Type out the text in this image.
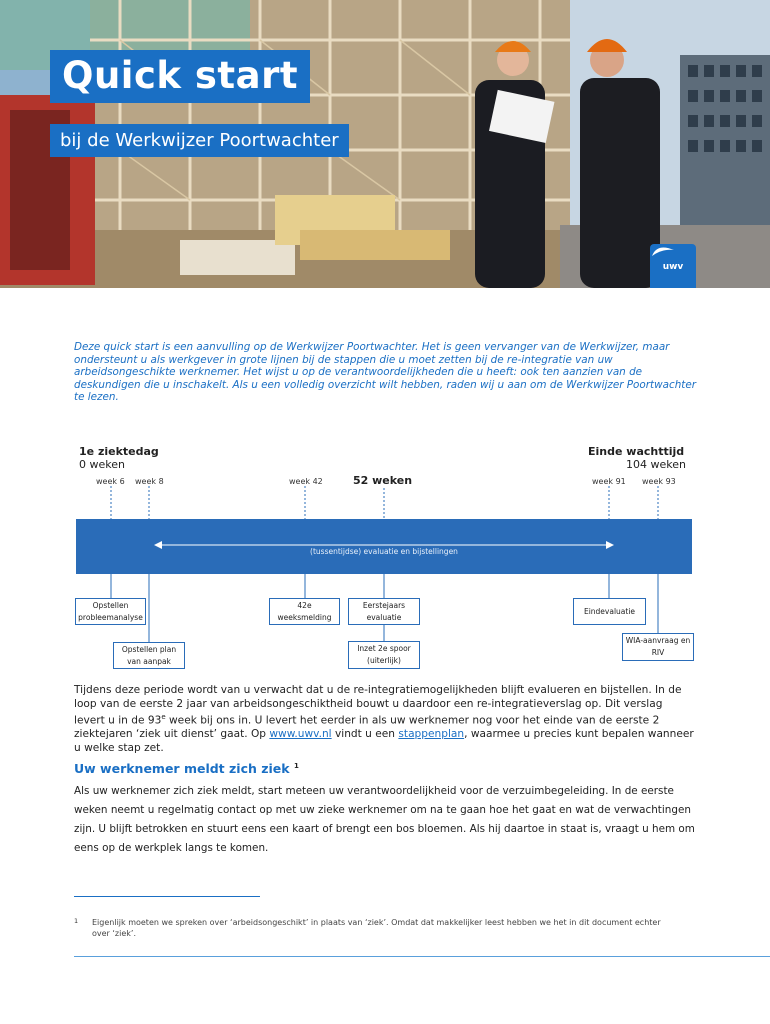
Quick start
bij de Werkwijzer Poortwachter
uwv

Deze quick start is een aanvulling op de Werkwijzer Poortwachter. Het is geen vervanger van de Werkwijzer, maar ondersteunt u als werkgever in grote lijnen bij de stappen die u moet zetten bij de re-integratie van uw arbeidsongeschikte werknemer. Het wijst u op de verantwoordelijkheden die u heeft: ook ten aanzien van de deskundigen die u inschakelt. Als u een volledig overzicht wilt hebben, raden wij u aan om de Werkwijzer Poortwachter te lezen.

1e ziektedag
0 weken
Einde wachttijd
104 weken
52 weken
week 6 week 8	week 42	week 91 week 93
(tussentijdse) evaluatie en bijstellingen
Opstellen
probleemanalyse
Opstellen plan
van aanpak
42e
weeksmelding
Eerstejaars
evaluatie
Inzet 2e spoor
(uiterlijk)
Eindevaluatie
WIA-aanvraag en
RIV

Tijdens deze periode wordt van u verwacht dat u de re-integratiemogelijkheden blijft evalueren en bijstellen. In de loop van de eerste 2 jaar van arbeidsongeschiktheid bouwt u daardoor een re-integratieverslag op. Dit verslag levert u in de 93e week bij ons in. U levert het eerder in als uw werknemer nog voor het einde van de eerste 2 ziektejaren ‘ziek uit dienst’ gaat. Op www.uwv.nl vindt u een stappenplan, waarmee u precies kunt bepalen wanneer u welke stap zet.

Uw werknemer meldt zich ziek $^1$

Als uw werknemer zich ziek meldt, start meteen uw verantwoordelijkheid voor de verzuimbegeleiding. In de eerste weken neemt u regelmatig contact op met uw zieke werknemer om na te gaan hoe het gaat en wat de verwachtingen zijn. U blijft betrokken en stuurt eens een kaart of brengt een bos bloemen. Als hij daartoe in staat is, vraagt u hem om eens op de werkplek langs te komen.

1 Eigenlijk moeten we spreken over ‘arbeidsongeschikt’ in plaats van ‘ziek’. Omdat dat makkelijker leest hebben we het in dit document echter over ‘ziek’.
